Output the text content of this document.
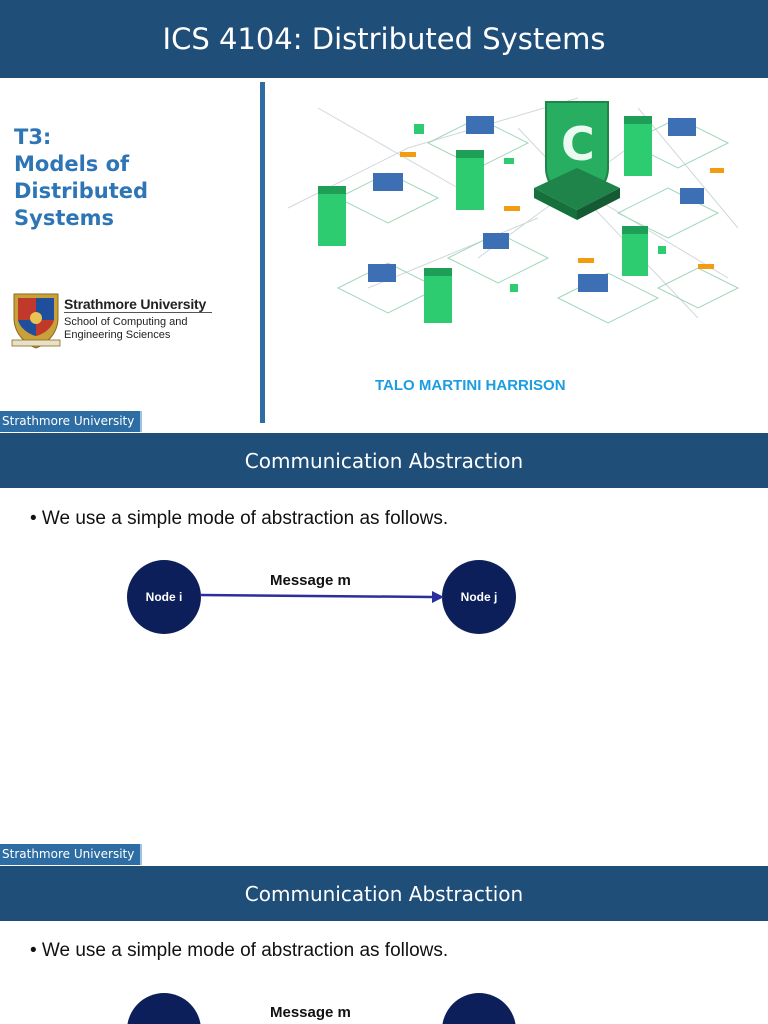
ICS 4104: Distributed Systems
T3:
Models of
Distributed
Systems
Strathmore University
School of Computing and Engineering Sciences
C
TALO MARTINI HARRISON
Strathmore University
Communication Abstraction
• We use a simple mode of abstraction as follows.
Node i	Node j
Message m
Strathmore University
Communication Abstraction
• We use a simple mode of abstraction as follows.
Message m
